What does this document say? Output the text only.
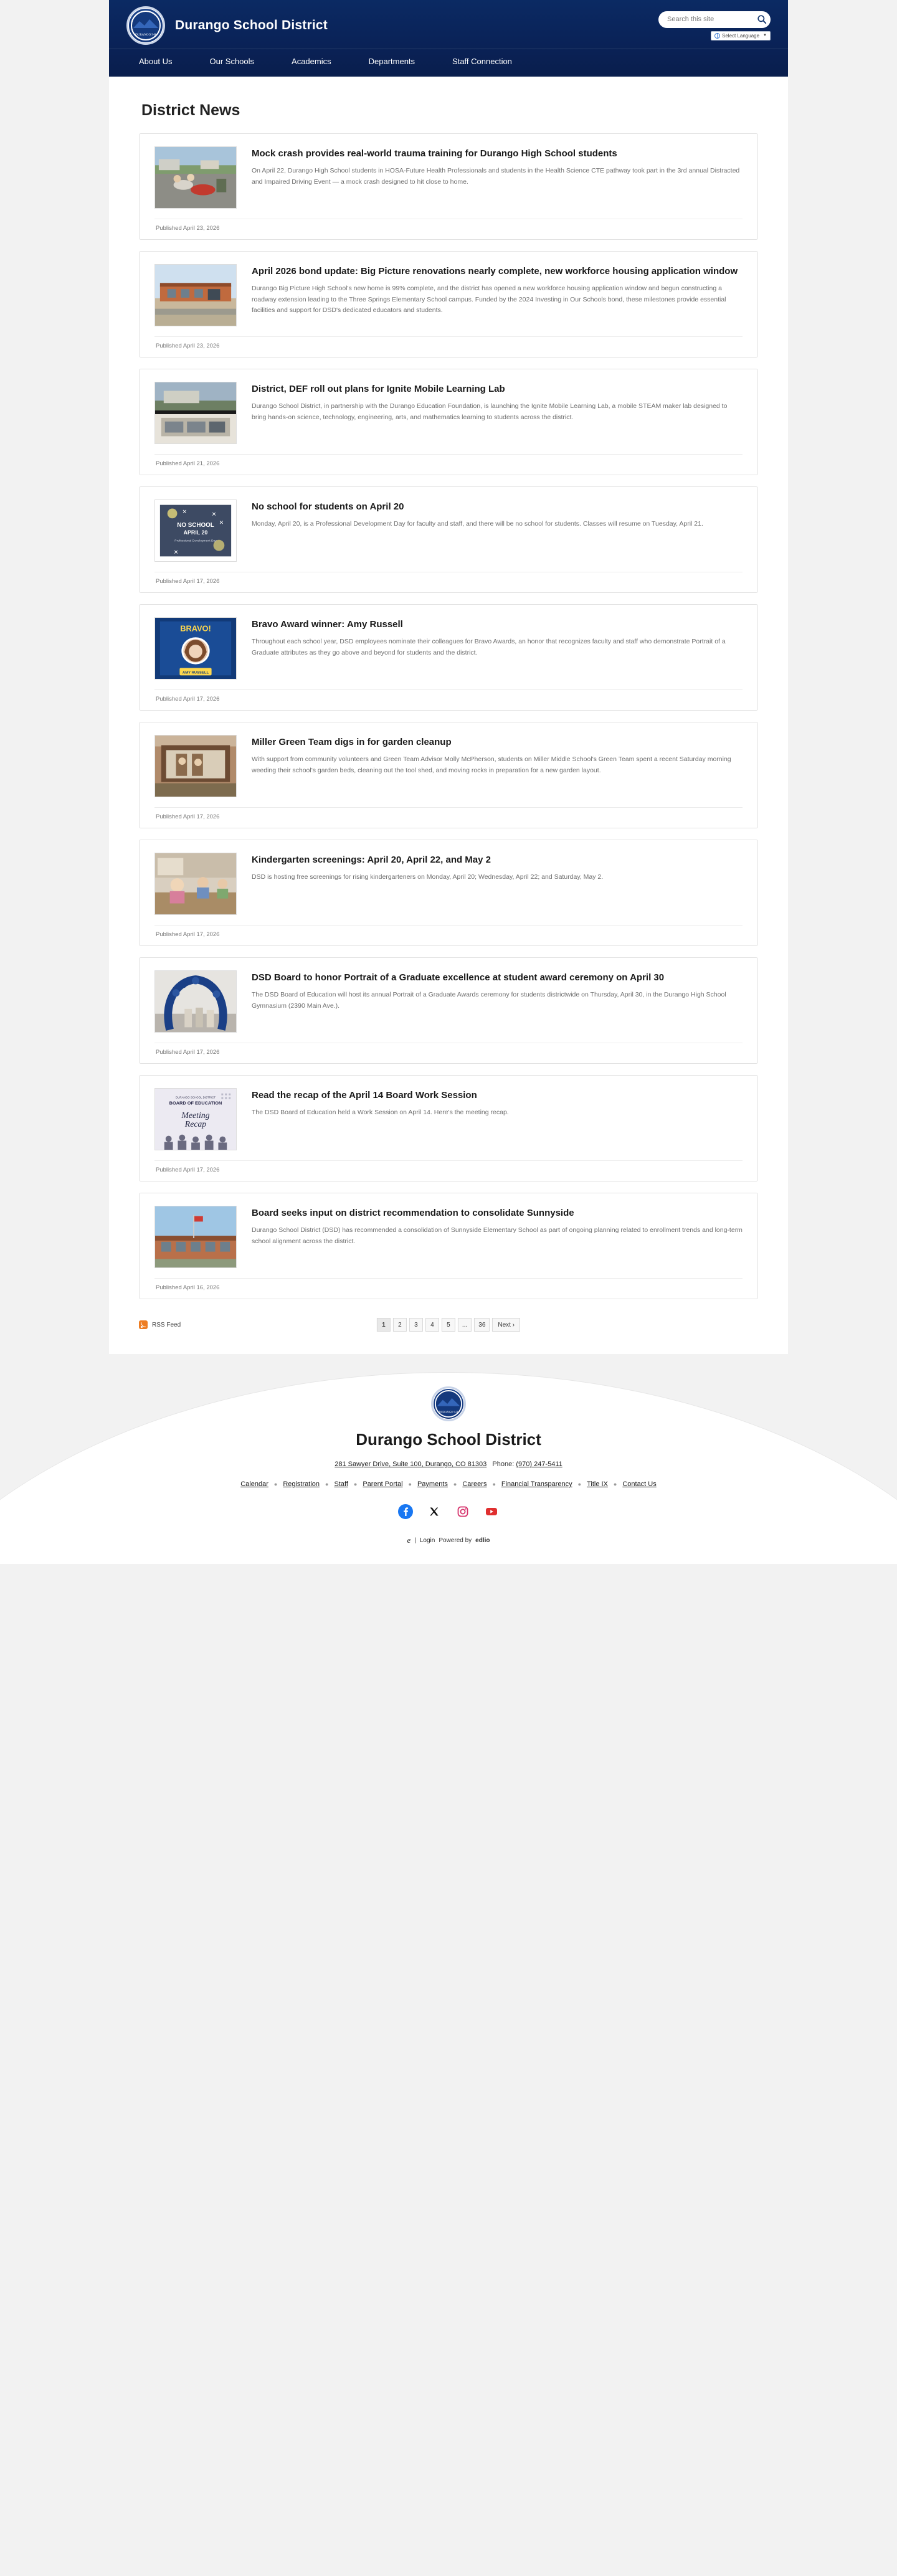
DURANGO 9-R
Durango School District
Search this site
Select Language ▼
About Us	Our Schools	Academics	Departments	Staff Connection
District News
Mock crash provides real-world trauma training for Durango High School students

On April 22, Durango High School students in HOSA-Future Health Professionals and students in the Health Science CTE pathway took part in the 3rd annual Distracted and Impaired Driving Event — a mock crash designed to hit close to home.

Published April 23, 2026
April 2026 bond update: Big Picture renovations nearly complete, new workforce housing application window

Durango Big Picture High School's new home is 99% complete, and the district has opened a new workforce housing application window and begun constructing a roadway extension leading to the Three Springs Elementary School campus. Funded by the 2024 Investing in Our Schools bond, these milestones provide essential facilities and support for DSD's dedicated educators and students.

Published April 23, 2026
District, DEF roll out plans for Ignite Mobile Learning Lab

Durango School District, in partnership with the Durango Education Foundation, is launching the Ignite Mobile Learning Lab, a mobile STEAM maker lab designed to bring hands-on science, technology, engineering, arts, and mathematics learning to students across the district.

Published April 21, 2026
NO SCHOOL
APRIL 20
Professional Development Day
✕	✕
✕
✕
No school for students on April 20

Monday, April 20, is a Professional Development Day for faculty and staff, and there will be no school for students. Classes will resume on Tuesday, April 21.

Published April 17, 2026
BRAVO!
AMY RUSSELL
Bravo Award winner: Amy Russell

Throughout each school year, DSD employees nominate their colleagues for Bravo Awards, an honor that recognizes faculty and staff who demonstrate Portrait of a Graduate attributes as they go above and beyond for students and the district.

Published April 17, 2026
Miller Green Team digs in for garden cleanup

With support from community volunteers and Green Team Advisor Molly McPherson, students on Miller Middle School's Green Team spent a recent Saturday morning weeding their school's garden beds, cleaning out the tool shed, and moving rocks in preparation for a new garden layout.

Published April 17, 2026
Kindergarten screenings: April 20, April 22, and May 2

DSD is hosting free screenings for rising kindergarteners on Monday, April 20; Wednesday, April 22; and Saturday, May 2.

Published April 17, 2026
DSD Board to honor Portrait of a Graduate excellence at student award ceremony on April 30

The DSD Board of Education will host its annual Portrait of a Graduate Awards ceremony for students districtwide on Thursday, April 30, in the Durango High School Gymnasium (2390 Main Ave.).

Published April 17, 2026
DURANGO SCHOOL DISTRICT
BOARD OF EDUCATION
Meeting
Recap
Read the recap of the April 14 Board Work Session

The DSD Board of Education held a Work Session on April 14. Here's the meeting recap.

Published April 17, 2026
Board seeks input on district recommendation to consolidate Sunnyside

Durango School District (DSD) has recommended a consolidation of Sunnyside Elementary School as part of ongoing planning related to enrollment trends and long-term school alignment across the district.

Published April 16, 2026
RSS Feed	1	2	3	4	5	...	36	Next ›
DURANGO 9-R
Durango School District
281 Sawyer Drive, Suite 100, Durango, CO 81303 Phone: (970) 247-5411
Calendar ● Registration ● Staff ● Parent Portal ● Payments ● Careers ● Financial Transparency ● Title IX ● Contact Us
e | Login Powered by edlio
